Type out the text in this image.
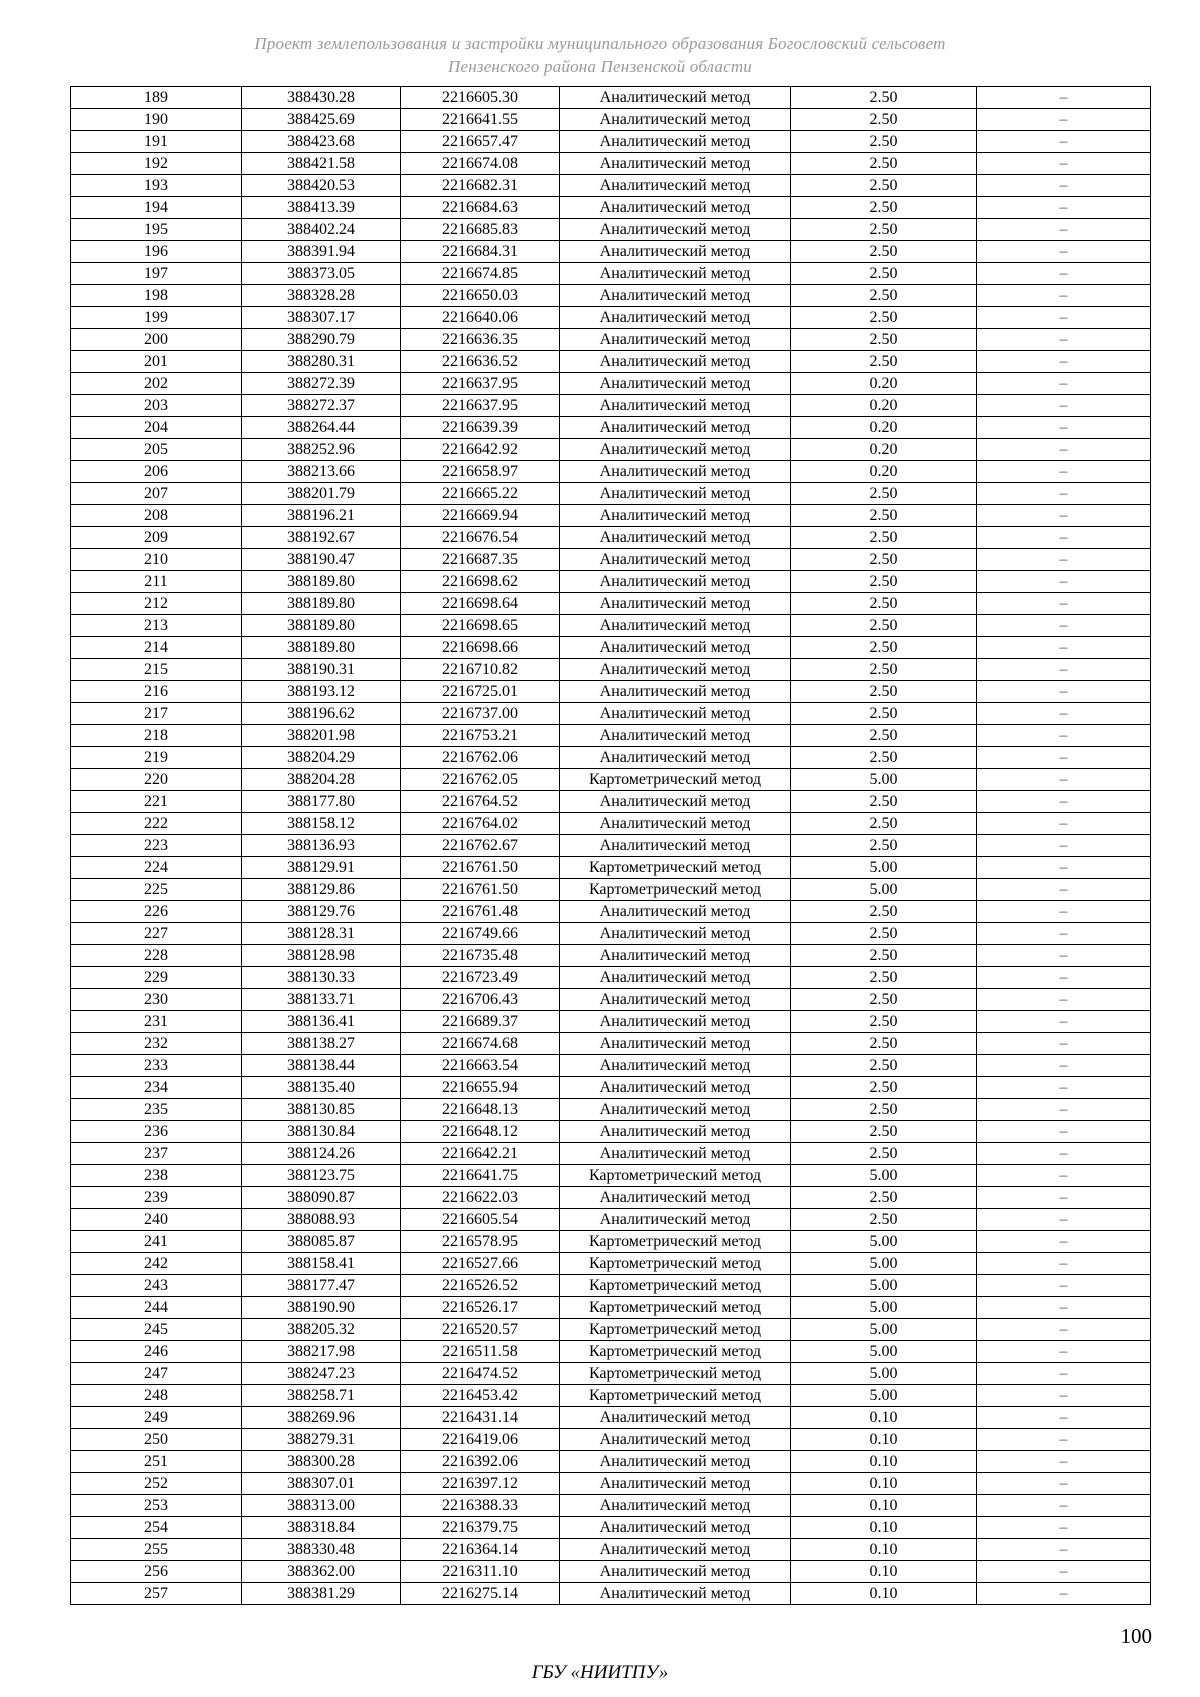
Проект землепользования и застройки муниципального образования Богословский сельсовет
Пензенского района Пензенской области
189	388430.28	2216605.30	Аналитический метод	2.50	–
190	388425.69	2216641.55	Аналитический метод	2.50	–
191	388423.68	2216657.47	Аналитический метод	2.50	–
192	388421.58	2216674.08	Аналитический метод	2.50	–
193	388420.53	2216682.31	Аналитический метод	2.50	–
194	388413.39	2216684.63	Аналитический метод	2.50	–
195	388402.24	2216685.83	Аналитический метод	2.50	–
196	388391.94	2216684.31	Аналитический метод	2.50	–
197	388373.05	2216674.85	Аналитический метод	2.50	–
198	388328.28	2216650.03	Аналитический метод	2.50	–
199	388307.17	2216640.06	Аналитический метод	2.50	–
200	388290.79	2216636.35	Аналитический метод	2.50	–
201	388280.31	2216636.52	Аналитический метод	2.50	–
202	388272.39	2216637.95	Аналитический метод	0.20	–
203	388272.37	2216637.95	Аналитический метод	0.20	–
204	388264.44	2216639.39	Аналитический метод	0.20	–
205	388252.96	2216642.92	Аналитический метод	0.20	–
206	388213.66	2216658.97	Аналитический метод	0.20	–
207	388201.79	2216665.22	Аналитический метод	2.50	–
208	388196.21	2216669.94	Аналитический метод	2.50	–
209	388192.67	2216676.54	Аналитический метод	2.50	–
210	388190.47	2216687.35	Аналитический метод	2.50	–
211	388189.80	2216698.62	Аналитический метод	2.50	–
212	388189.80	2216698.64	Аналитический метод	2.50	–
213	388189.80	2216698.65	Аналитический метод	2.50	–
214	388189.80	2216698.66	Аналитический метод	2.50	–
215	388190.31	2216710.82	Аналитический метод	2.50	–
216	388193.12	2216725.01	Аналитический метод	2.50	–
217	388196.62	2216737.00	Аналитический метод	2.50	–
218	388201.98	2216753.21	Аналитический метод	2.50	–
219	388204.29	2216762.06	Аналитический метод	2.50	–
220	388204.28	2216762.05	Картометрический метод	5.00	–
221	388177.80	2216764.52	Аналитический метод	2.50	–
222	388158.12	2216764.02	Аналитический метод	2.50	–
223	388136.93	2216762.67	Аналитический метод	2.50	–
224	388129.91	2216761.50	Картометрический метод	5.00	–
225	388129.86	2216761.50	Картометрический метод	5.00	–
226	388129.76	2216761.48	Аналитический метод	2.50	–
227	388128.31	2216749.66	Аналитический метод	2.50	–
228	388128.98	2216735.48	Аналитический метод	2.50	–
229	388130.33	2216723.49	Аналитический метод	2.50	–
230	388133.71	2216706.43	Аналитический метод	2.50	–
231	388136.41	2216689.37	Аналитический метод	2.50	–
232	388138.27	2216674.68	Аналитический метод	2.50	–
233	388138.44	2216663.54	Аналитический метод	2.50	–
234	388135.40	2216655.94	Аналитический метод	2.50	–
235	388130.85	2216648.13	Аналитический метод	2.50	–
236	388130.84	2216648.12	Аналитический метод	2.50	–
237	388124.26	2216642.21	Аналитический метод	2.50	–
238	388123.75	2216641.75	Картометрический метод	5.00	–
239	388090.87	2216622.03	Аналитический метод	2.50	–
240	388088.93	2216605.54	Аналитический метод	2.50	–
241	388085.87	2216578.95	Картометрический метод	5.00	–
242	388158.41	2216527.66	Картометрический метод	5.00	–
243	388177.47	2216526.52	Картометрический метод	5.00	–
244	388190.90	2216526.17	Картометрический метод	5.00	–
245	388205.32	2216520.57	Картометрический метод	5.00	–
246	388217.98	2216511.58	Картометрический метод	5.00	–
247	388247.23	2216474.52	Картометрический метод	5.00	–
248	388258.71	2216453.42	Картометрический метод	5.00	–
249	388269.96	2216431.14	Аналитический метод	0.10	–
250	388279.31	2216419.06	Аналитический метод	0.10	–
251	388300.28	2216392.06	Аналитический метод	0.10	–
252	388307.01	2216397.12	Аналитический метод	0.10	–
253	388313.00	2216388.33	Аналитический метод	0.10	–
254	388318.84	2216379.75	Аналитический метод	0.10	–
255	388330.48	2216364.14	Аналитический метод	0.10	–
256	388362.00	2216311.10	Аналитический метод	0.10	–
257	388381.29	2216275.14	Аналитический метод	0.10	–
100
ГБУ «НИИТПУ»
